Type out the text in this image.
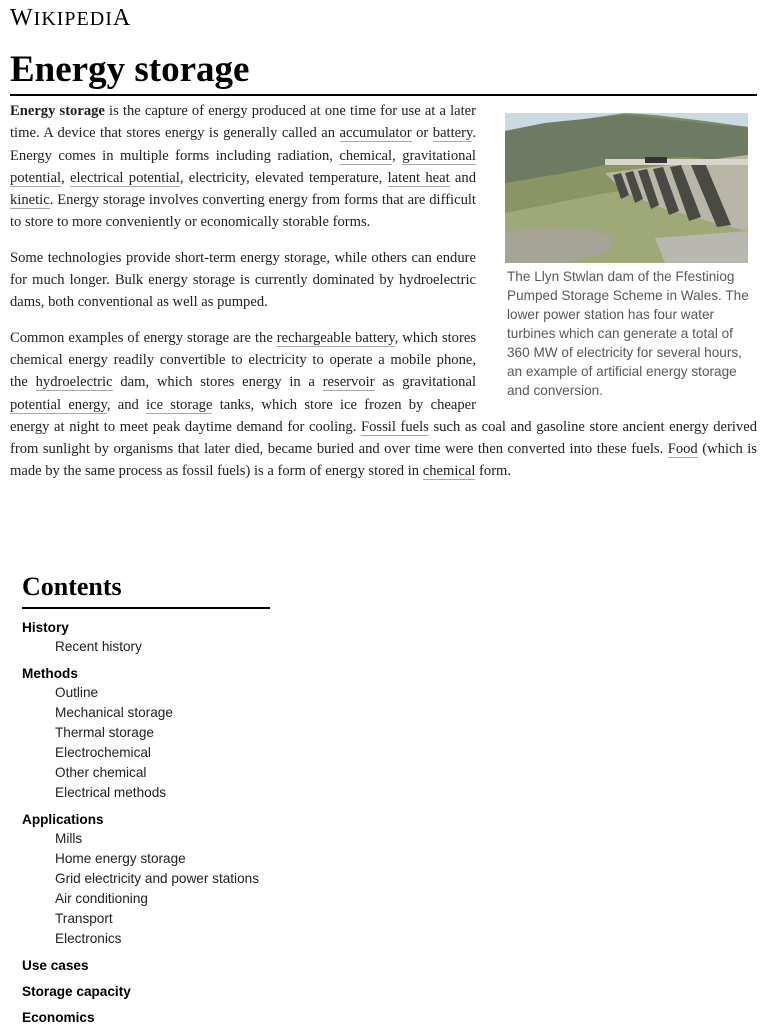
WIKIPEDIA
Energy storage
The Llyn Stwlan dam of the Ffestiniog Pumped Storage Scheme in Wales. The lower power station has four water turbines which can generate a total of 360 MW of electricity for several hours, an example of artificial energy storage and conversion.

Energy storage is the capture of energy produced at one time for use at a later time. A device that stores energy is generally called an accumulator or battery. Energy comes in multiple forms including radiation, chemical, gravitational potential, electrical potential, electricity, elevated temperature, latent heat and kinetic. Energy storage involves converting energy from forms that are difficult to store to more conveniently or economically storable forms.

Some technologies provide short-term energy storage, while others can endure for much longer. Bulk energy storage is currently dominated by hydroelectric dams, both conventional as well as pumped.

Common examples of energy storage are the rechargeable battery, which stores chemical energy readily convertible to electricity to operate a mobile phone, the hydroelectric dam, which stores energy in a reservoir as gravitational potential energy, and ice storage tanks, which store ice frozen by cheaper energy at night to meet peak daytime demand for cooling. Fossil fuels such as coal and gasoline store ancient energy derived from sunlight by organisms that later died, became buried and over time were then converted into these fuels. Food (which is made by the same process as fossil fuels) is a form of energy stored in chemical form.

Contents
History
Recent history
Methods
Outline
Mechanical storage
Thermal storage
Electrochemical
Other chemical
Electrical methods
Applications
Mills
Home energy storage
Grid electricity and power stations
Air conditioning
Transport
Electronics
Use cases
Storage capacity
Economics
